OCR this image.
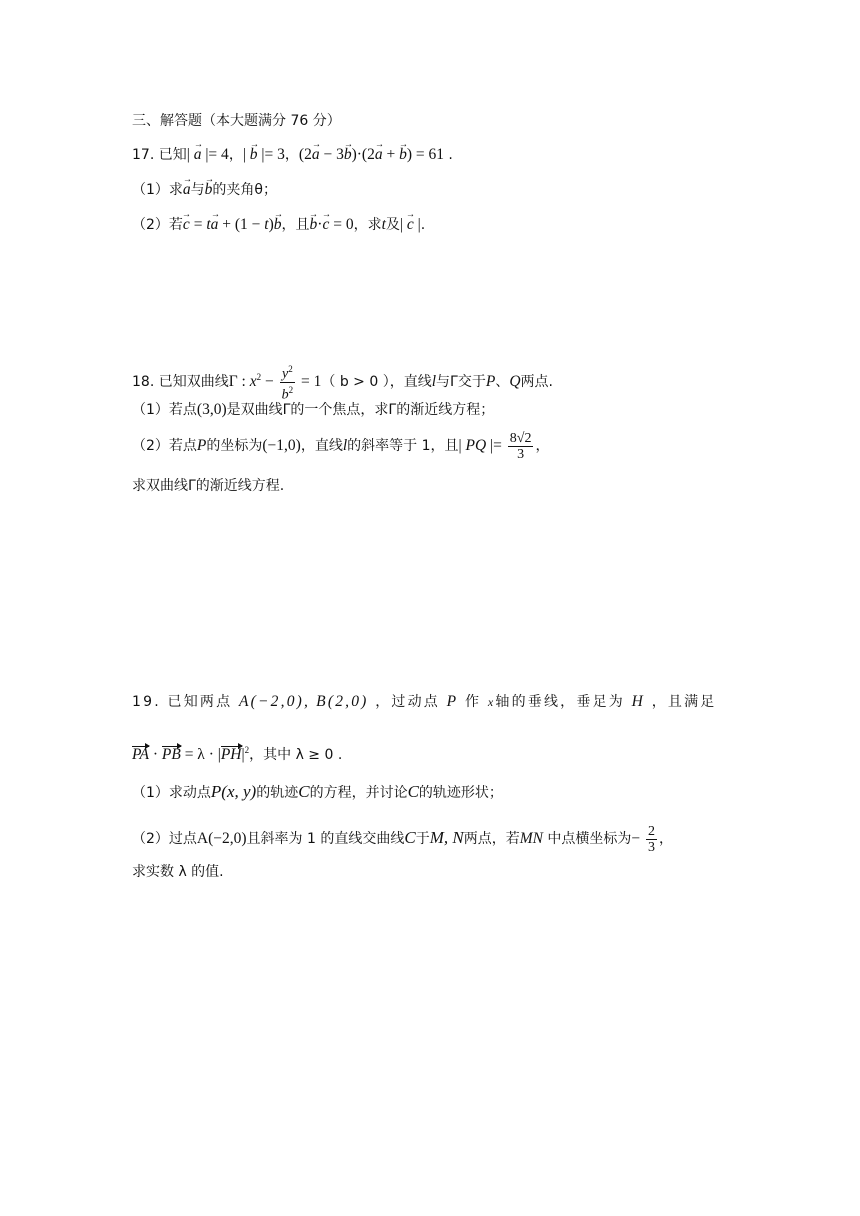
三、解答题（本大题满分 76 分）
17. 已知| → a |= 4，| → b |= 3，(2→ a − 3→ b)·(2→ a + → b) = 61 .
（1）求→ a与→ b的夹角θ；
（2）若→ c = t→ a + (1 − t)→ b，且→ b·→ c = 0，求t及| → c |.
18. 已知双曲线Γ : $x^2 - \frac{y^2}{b^2} = 1$（ b > 0 ），直线l与Γ交于P、Q两点.
（1）若点(3,0)是双曲线Γ的一个焦点，求Γ的渐近线方程；
（2）若点P的坐标为(−1,0)，直线l的斜率等于 1，且| PQ |= $\frac{8√2}{3}$ ，
求双曲线Γ的渐近线方程.
19. 已知两点 A(−2,0), B(2,0) ，过动点 P 作 x轴的垂线，垂足为 H ，且满足
PA · PB = $\lambda \cdot |PH|^2$，其中 λ ≥ 0 .
（1）求动点P(x, y)的轨迹C的方程，并讨论C的轨迹形状；
（2）过点A(−2,0)且斜率为 1 的直线交曲线C于M, N两点，若MN 中点横坐标为− $\frac{2}{3}$ ，
求实数 λ 的值.
